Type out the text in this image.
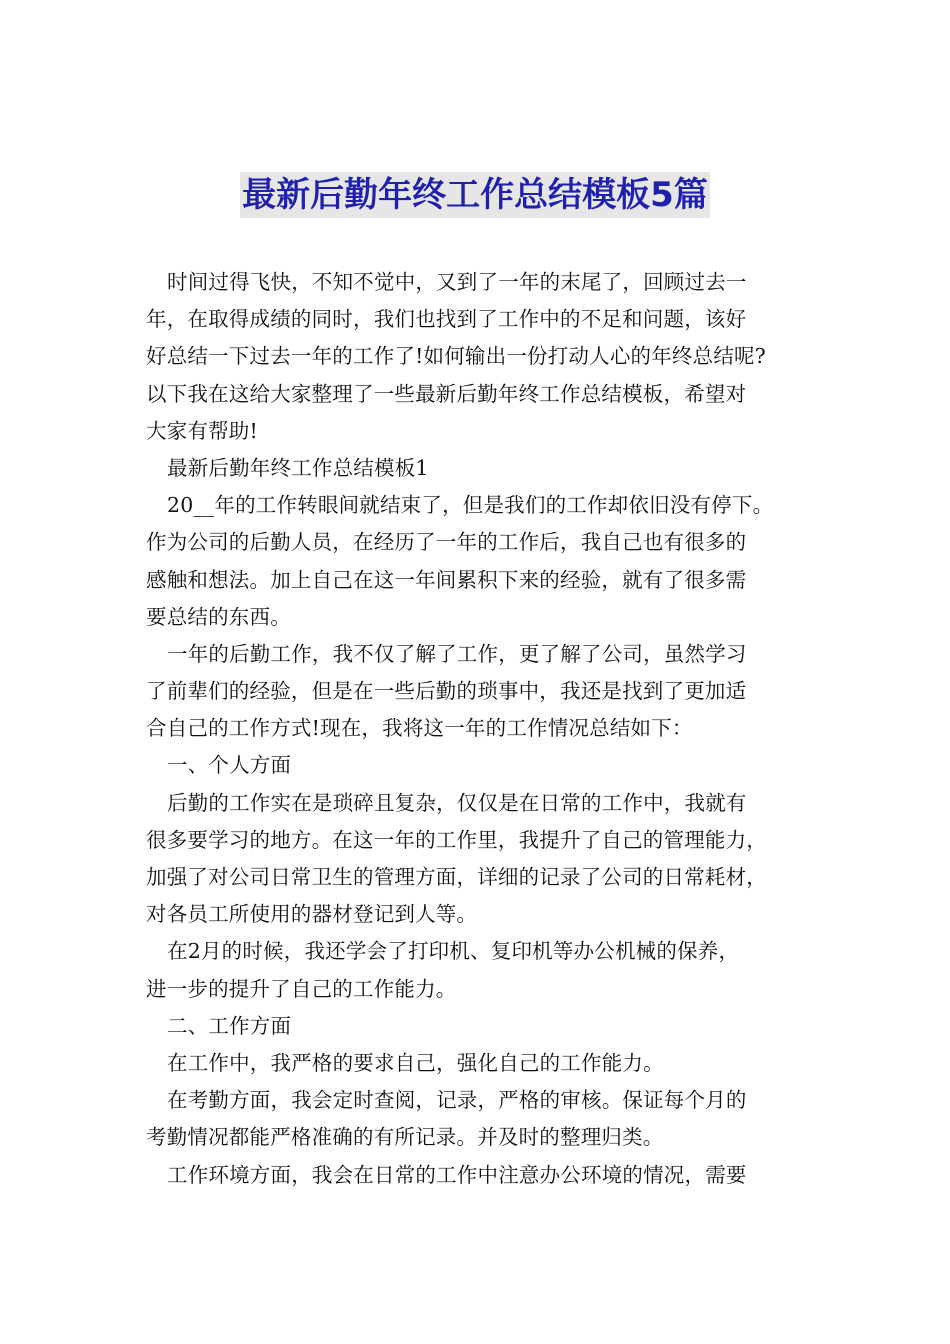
最新后勤年终工作总结模板5篇
时间过得飞快，不知不觉中，又到了一年的末尾了，回顾过去一
年，在取得成绩的同时，我们也找到了工作中的不足和问题，该好
好总结一下过去一年的工作了!如何输出一份打动人心的年终总结呢?
以下我在这给大家整理了一些最新后勤年终工作总结模板，希望对
大家有帮助!
最新后勤年终工作总结模板1
20__年的工作转眼间就结束了，但是我们的工作却依旧没有停下。
作为公司的后勤人员，在经历了一年的工作后，我自己也有很多的
感触和想法。加上自己在这一年间累积下来的经验，就有了很多需
要总结的东西。
一年的后勤工作，我不仅了解了工作，更了解了公司，虽然学习
了前辈们的经验，但是在一些后勤的琐事中，我还是找到了更加适
合自己的工作方式!现在，我将这一年的工作情况总结如下：
一、个人方面
后勤的工作实在是琐碎且复杂，仅仅是在日常的工作中，我就有
很多要学习的地方。在这一年的工作里，我提升了自己的管理能力，
加强了对公司日常卫生的管理方面，详细的记录了公司的日常耗材，
对各员工所使用的器材登记到人等。
在2月的时候，我还学会了打印机、复印机等办公机械的保养，
进一步的提升了自己的工作能力。
二、工作方面
在工作中，我严格的要求自己，强化自己的工作能力。
在考勤方面，我会定时查阅，记录，严格的审核。保证每个月的
考勤情况都能严格准确的有所记录。并及时的整理归类。
工作环境方面，我会在日常的工作中注意办公环境的情况，需要
